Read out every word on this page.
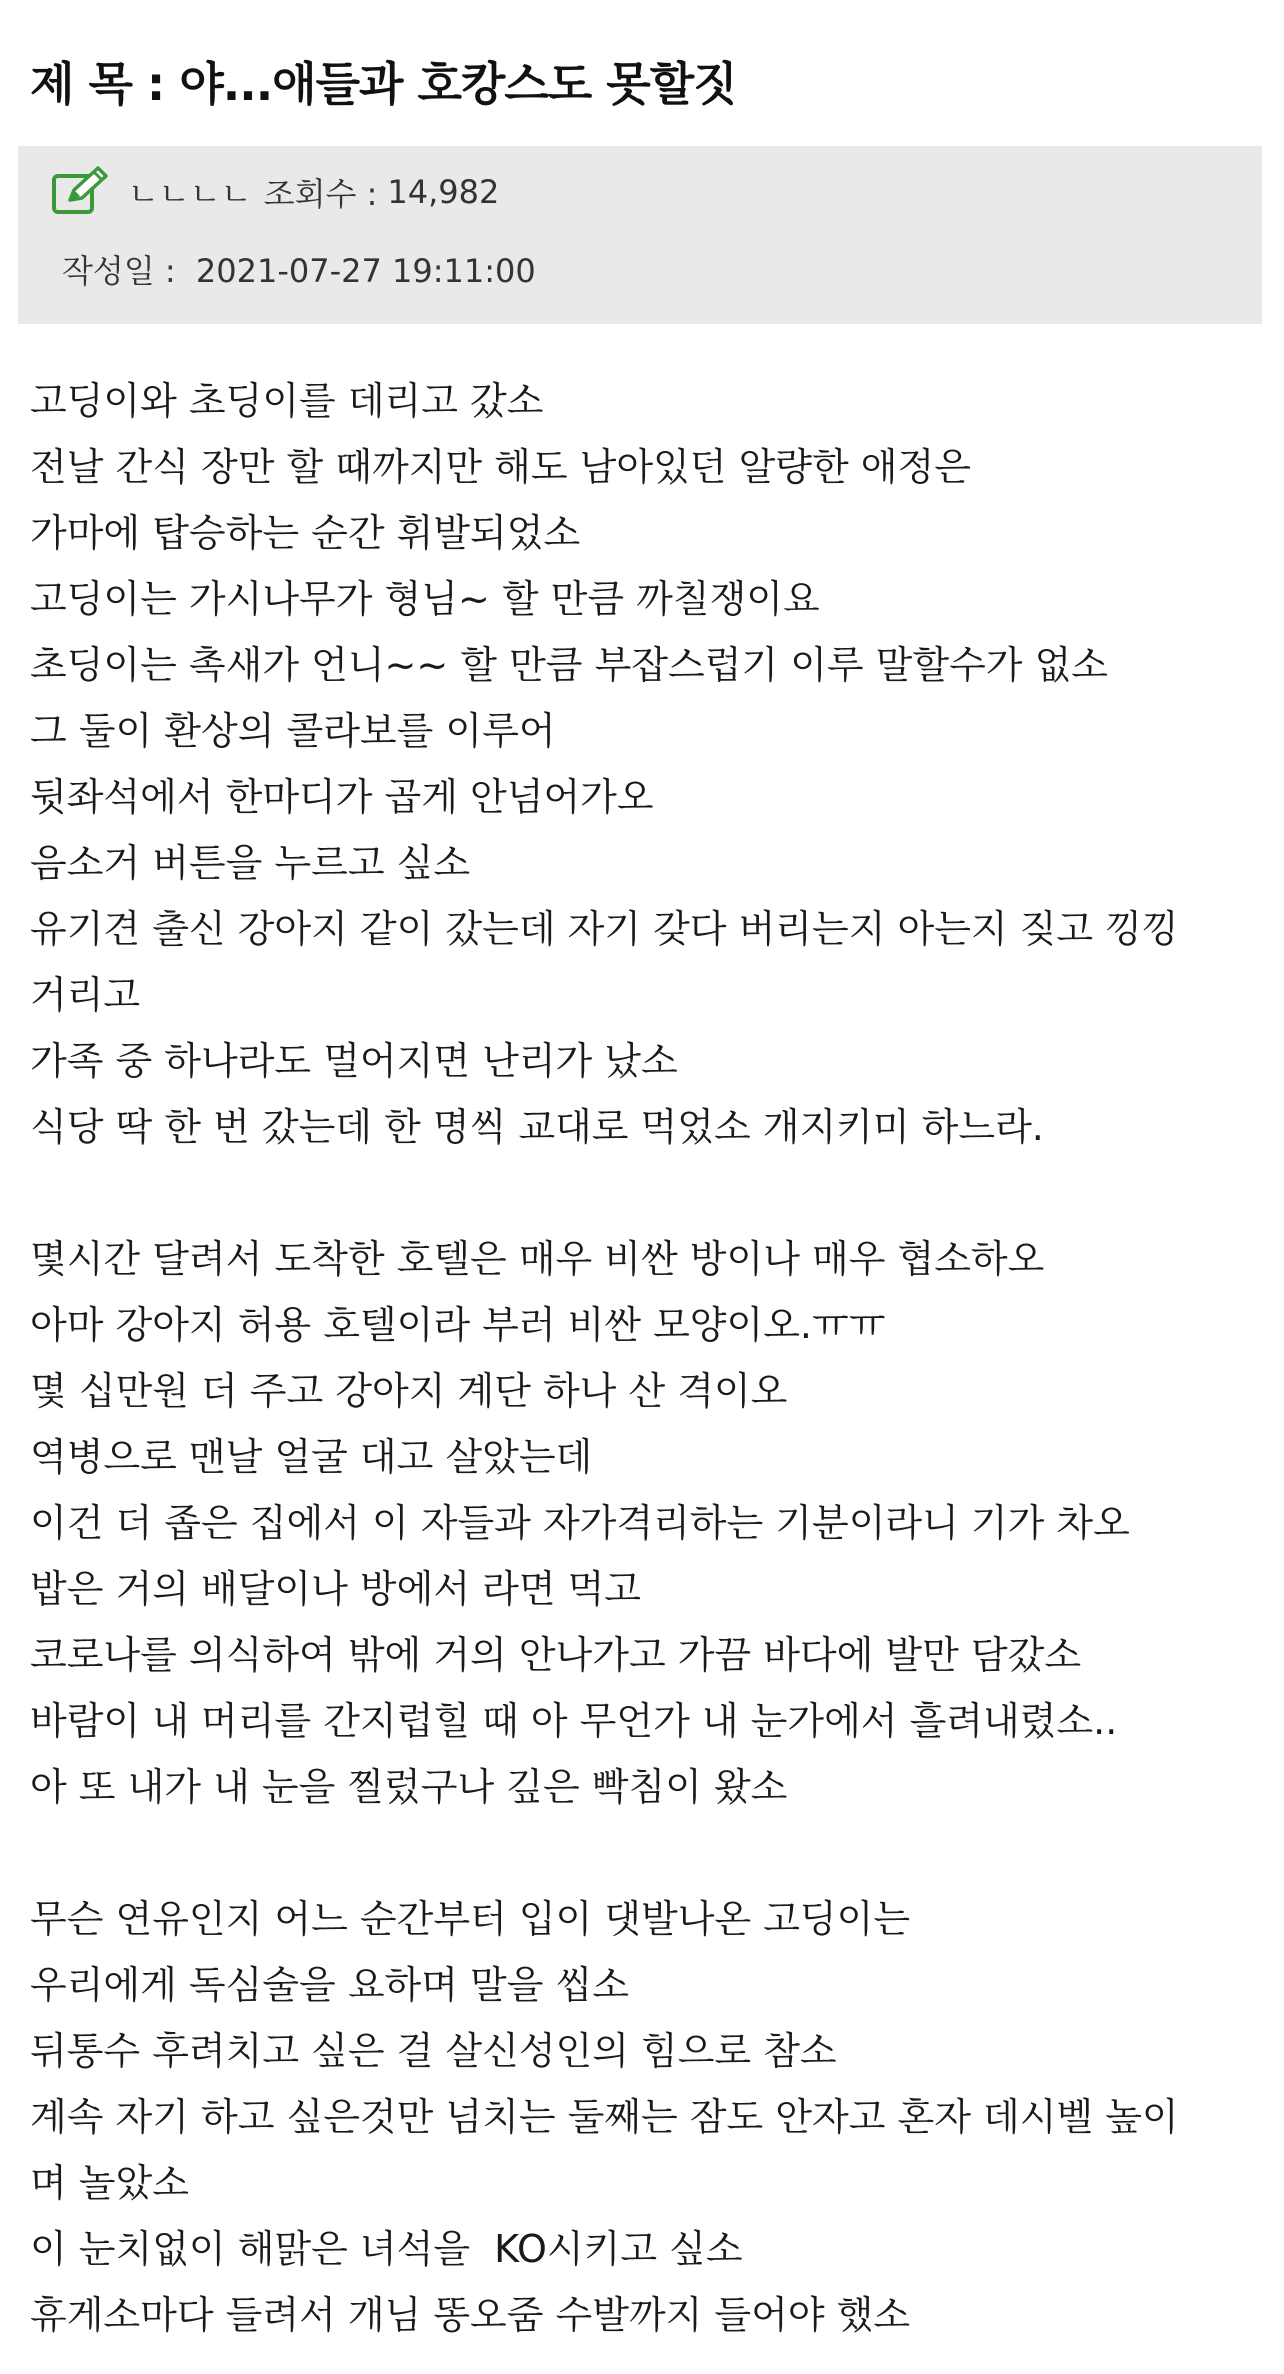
제 목 : 야...애들과 호캉스도 못할짓
ㄴㄴㄴㄴ 조회수 : 14,982
작성일 : 2021-07-27 19:11:00
고딩이와 초딩이를 데리고 갔소
전날 간식 장만 할 때까지만 해도 남아있던 알량한 애정은
가마에 탑승하는 순간 휘발되었소
고딩이는 가시나무가 형님~ 할 만큼 까칠쟁이요
초딩이는 촉새가 언니~~ 할 만큼 부잡스럽기 이루 말할수가 없소
그 둘이 환상의 콜라보를 이루어
뒷좌석에서 한마디가 곱게 안넘어가오
음소거 버튼을 누르고 싶소
유기견 출신 강아지 같이 갔는데 자기 갖다 버리는지 아는지 짖고 낑낑
거리고
가족 중 하나라도 멀어지면 난리가 났소
식당 딱 한 번 갔는데 한 명씩 교대로 먹었소 개지키미 하느라.
몇시간 달려서 도착한 호텔은 매우 비싼 방이나 매우 협소하오
아마 강아지 허용 호텔이라 부러 비싼 모양이오.ㅠㅠ
몇 십만원 더 주고 강아지 계단 하나 산 격이오
역병으로 맨날 얼굴 대고 살았는데
이건 더 좁은 집에서 이 자들과 자가격리하는 기분이라니 기가 차오
밥은 거의 배달이나 방에서 라면 먹고
코로나를 의식하여 밖에 거의 안나가고 가끔 바다에 발만 담갔소
바람이 내 머리를 간지럽힐 때 아 무언가 내 눈가에서 흘려내렸소..
아 또 내가 내 눈을 찔렀구나 깊은 빡침이 왔소
무슨 연유인지 어느 순간부터 입이 댓발나온 고딩이는
우리에게 독심술을 요하며 말을 씹소
뒤통수 후려치고 싶은 걸 살신성인의 힘으로 참소
계속 자기 하고 싶은것만 넘치는 둘째는 잠도 안자고 혼자 데시벨 높이
며 놀았소
이 눈치없이 해맑은 녀석을  KO시키고 싶소
휴게소마다 들려서 개님 똥오줌 수발까지 들어야 했소
